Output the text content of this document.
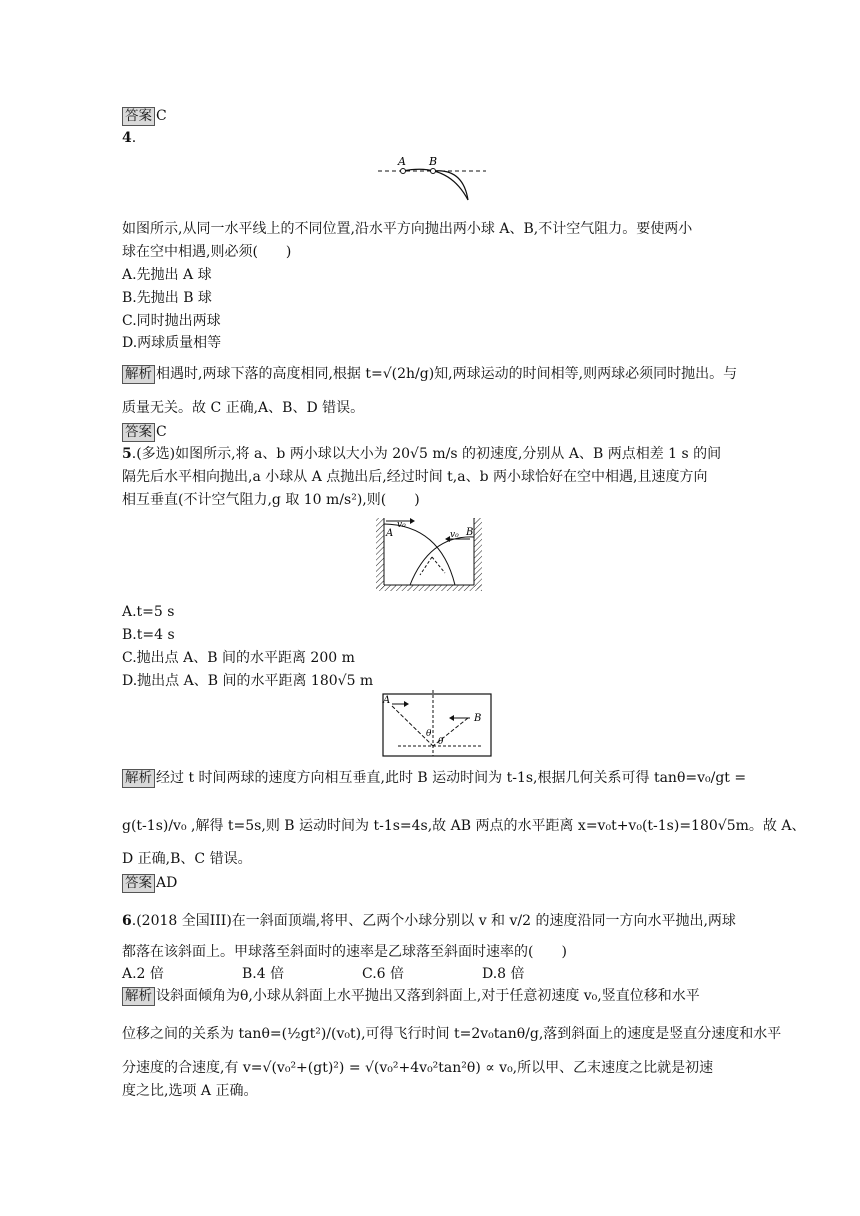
答案 C
4.
A B
如图所示,从同一水平线上的不同位置,沿水平方向抛出两小球 A、B,不计空气阻力。要使两小
球在空中相遇,则必须(　　)
A.先抛出 A 球
B.先抛出 B 球
C.同时抛出两球
D.两球质量相等
解析 相遇时,两球下落的高度相同,根据 t=√(2h/g)知,两球运动的时间相等,则两球必须同时抛出。与
质量无关。故 C 正确,A、B、D 错误。
答案 C
5.(多选)如图所示,将 a、b 两小球以大小为 20√5 m/s 的初速度,分别从 A、B 两点相差 1 s 的间
隔先后水平相向抛出,a 小球从 A 点抛出后,经过时间 t,a、b 两小球恰好在空中相遇,且速度方向
相互垂直(不计空气阻力,g 取 10 m/s²),则(　　)
A
v₀
B
v₀
A.t=5 s
B.t=4 s
C.抛出点 A、B 间的水平距离 200 m
D.抛出点 A、B 间的水平距离 180√5 m
A
B
θ
θ
解析 经过 t 时间两球的速度方向相互垂直,此时 B 运动时间为 t-1s,根据几何关系可得 tanθ=v₀/gt =
g(t-1s)/v₀ ,解得 t=5s,则 B 运动时间为 t-1s=4s,故 AB 两点的水平距离 x=v₀t+v₀(t-1s)=180√5m。故 A、
D 正确,B、C 错误。
答案 AD
6.(2018 全国III)在一斜面顶端,将甲、乙两个小球分别以 v 和 v/2 的速度沿同一方向水平抛出,两球
都落在该斜面上。甲球落至斜面时的速率是乙球落至斜面时速率的(　　)
A.2 倍	B.4 倍	C.6 倍	D.8 倍
解析 设斜面倾角为θ,小球从斜面上水平抛出又落到斜面上,对于任意初速度 v₀,竖直位移和水平
位移之间的关系为 tanθ=(½gt²)/(v₀t),可得飞行时间 t=2v₀tanθ/g,落到斜面上的速度是竖直分速度和水平
分速度的合速度,有 v=√(v₀²+(gt)²) = √(v₀²+4v₀²tan²θ) ∝ v₀,所以甲、乙末速度之比就是初速
度之比,选项 A 正确。
